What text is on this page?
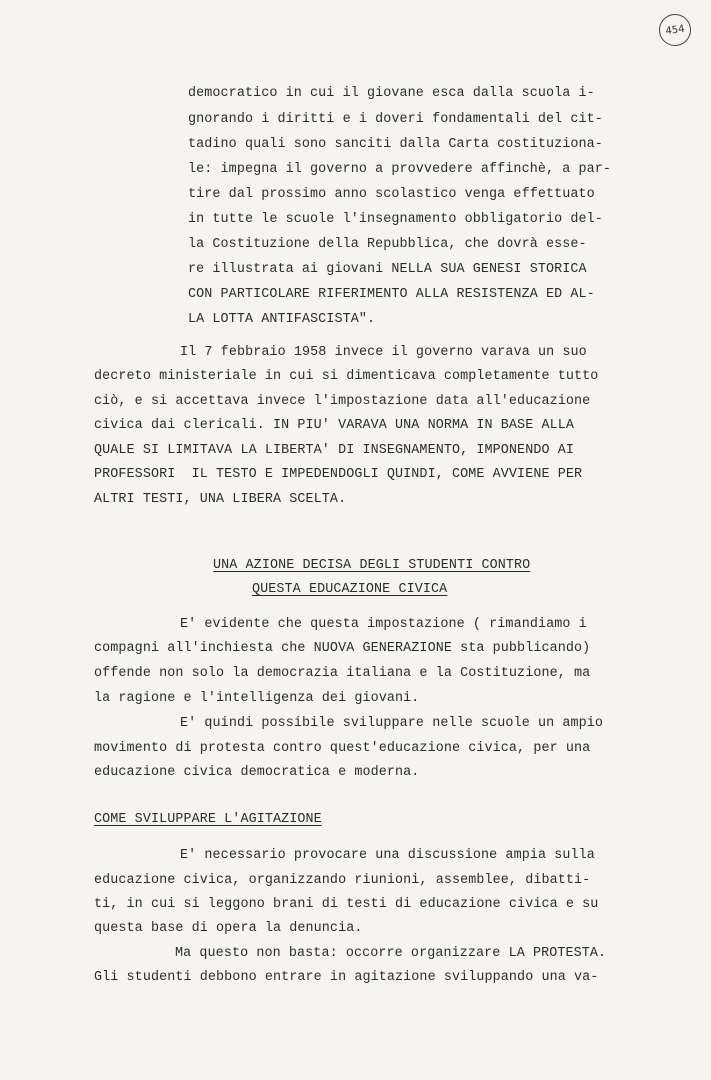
454
democratico in cui il giovane esca dalla scuola i-
gnorando i diritti e i doveri fondamentali del cit-
tadino quali sono sanciti dalla Carta costituziona-
le: impegna il governo a provvedere affinchè, a par-
tire dal prossimo anno scolastico venga effettuato
in tutte le scuole l'insegnamento obbligatorio del-
la Costituzione della Repubblica, che dovrà esse-
re illustrata ai giovani NELLA SUA GENESI STORICA
CON PARTICOLARE RIFERIMENTO ALLA RESISTENZA ED AL-
LA LOTTA ANTIFASCISTA".
Il 7 febbraio 1958 invece il governo varava un suo
decreto ministeriale in cui si dimenticava completamente tutto
ciò, e si accettava invece l'impostazione data all'educazione
civica dai clericali. IN PIU' VARAVA UNA NORMA IN BASE ALLA
QUALE SI LIMITAVA LA LIBERTA' DI INSEGNAMENTO, IMPONENDO AI
PROFESSORI  IL TESTO E IMPEDENDOGLI QUINDI, COME AVVIENE PER
ALTRI TESTI, UNA LIBERA SCELTA.
UNA AZIONE DECISA DEGLI STUDENTI CONTRO
QUESTA EDUCAZIONE CIVICA
E' evidente che questa impostazione ( rimandiamo i
compagni all'inchiesta che NUOVA GENERAZIONE sta pubblicando)
offende non solo la democrazia italiana e la Costituzione, ma
la ragione e l'intelligenza dei giovani.
E' quindi possibile sviluppare nelle scuole un ampio
movimento di protesta contro quest'educazione civica, per una
educazione civica democratica e moderna.
COME SVILUPPARE L'AGITAZIONE
E' necessario provocare una discussione ampia sulla
educazione civica, organizzando riunioni, assemblee, dibatti-
ti, in cui si leggono brani di testi di educazione civica e su
questa base di opera la denuncia.
Ma questo non basta: occorre organizzare LA PROTESTA.
Gli studenti debbono entrare in agitazione sviluppando una va-
